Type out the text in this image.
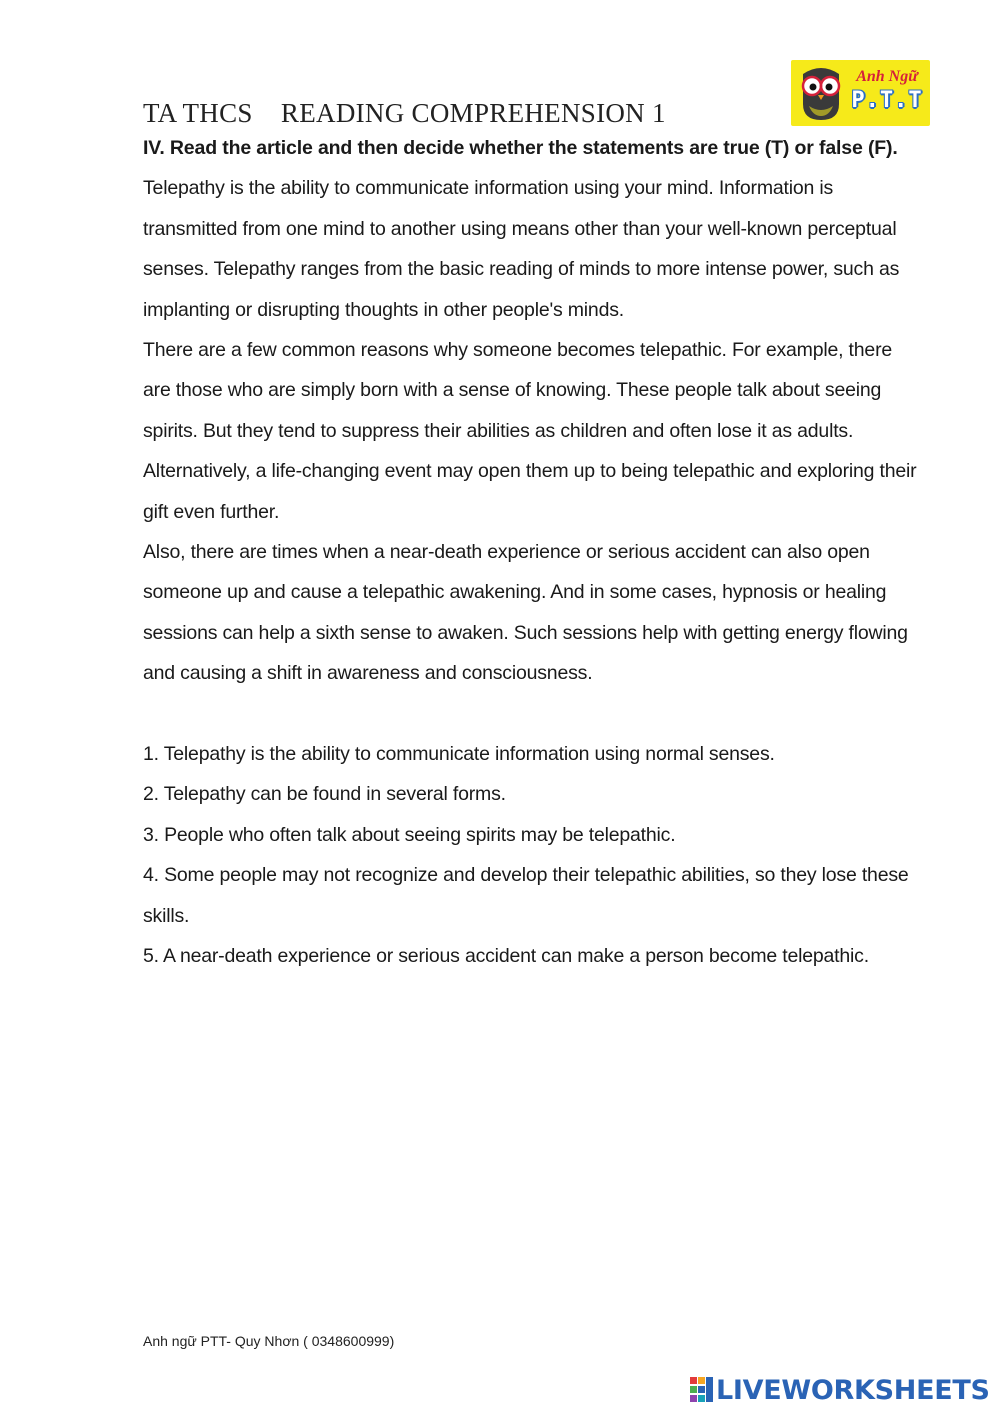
TA THCS    READING COMPREHENSION 1
Anh Ngữ
P.T.T

IV. Read the article and then decide whether the statements are true (T) or false (F).

Telepathy is the ability to communicate information using your mind. Information is transmitted from one mind to another using means other than your well-known perceptual senses. Telepathy ranges from the basic reading of minds to more intense power, such as implanting or disrupting thoughts in other people's minds.

There are a few common reasons why someone becomes telepathic. For example, there are those who are simply born with a sense of knowing. These people talk about seeing spirits. But they tend to suppress their abilities as children and often lose it as adults. Alternatively, a life-changing event may open them up to being telepathic and exploring their gift even further.

Also, there are times when a near-death experience or serious accident can also open someone up and cause a telepathic awakening. And in some cases, hypnosis or healing sessions can help a sixth sense to awaken. Such sessions help with getting energy flowing and causing a shift in awareness and consciousness.

1. Telepathy is the ability to communicate information using normal senses.

2. Telepathy can be found in several forms.

3. People who often talk about seeing spirits may be telepathic.

4. Some people may not recognize and develop their telepathic abilities, so they lose these skills.

5. A near-death experience or serious accident can make a person become telepathic.

Anh ngữ PTT- Quy Nhơn ( 0348600999)
LIVEWORKSHEETS
